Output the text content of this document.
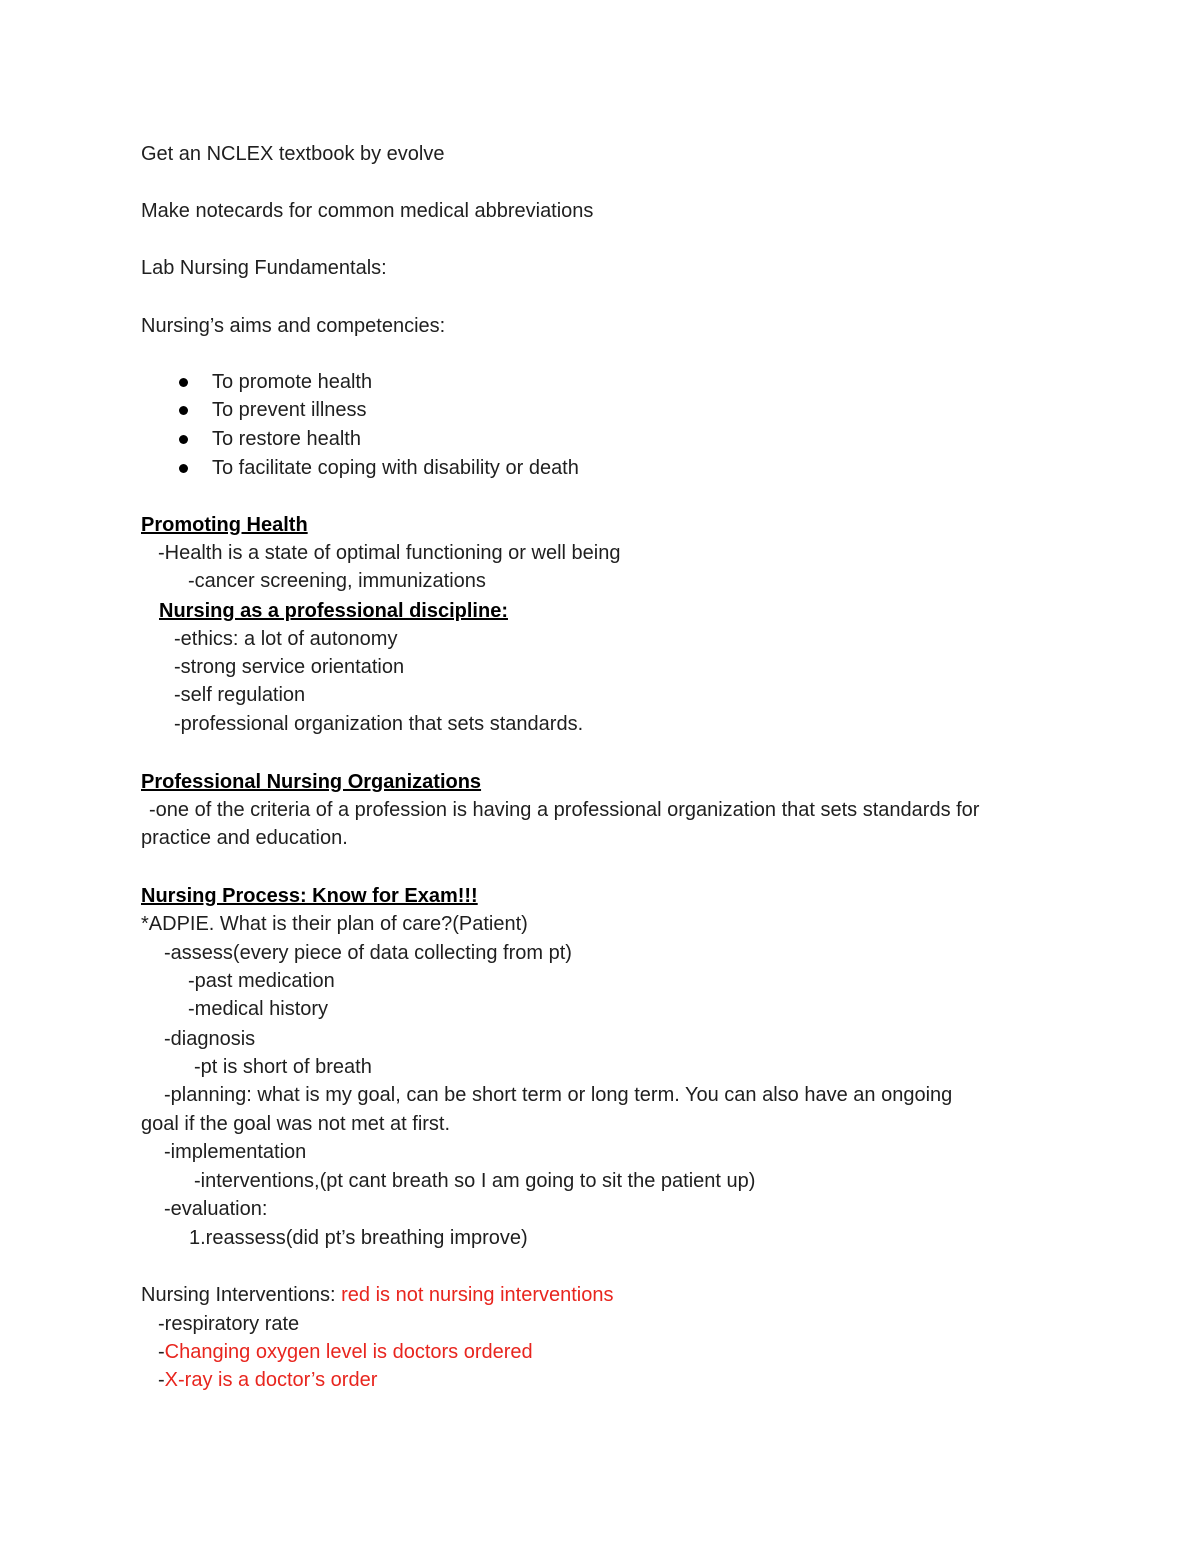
Get an NCLEX textbook by evolve
Make notecards for common medical abbreviations
Lab Nursing Fundamentals:
Nursing’s aims and competencies:
To promote health
To prevent illness
To restore health
To facilitate coping with disability or death
Promoting Health
-Health is a state of optimal functioning or well being
-cancer screening, immunizations
Nursing as a professional discipline:
-ethics: a lot of autonomy
-strong service orientation
-self regulation
-professional organization that sets standards.
Professional Nursing Organizations
-one of the criteria of a profession is having a professional organization that sets standards for
practice and education.
Nursing Process: Know for Exam!!!
*ADPIE. What is their plan of care?(Patient)
-assess(every piece of data collecting from pt)
-past medication
-medical history
-diagnosis
-pt is short of breath
-planning: what is my goal, can be short term or long term. You can also have an ongoing
goal if the goal was not met at first.
-implementation
-interventions,(pt cant breath so I am going to sit the patient up)
-evaluation:
1.reassess(did pt’s breathing improve)
Nursing Interventions: red is not nursing interventions
-respiratory rate
-Changing oxygen level is doctors ordered
-X-ray is a doctor’s order
